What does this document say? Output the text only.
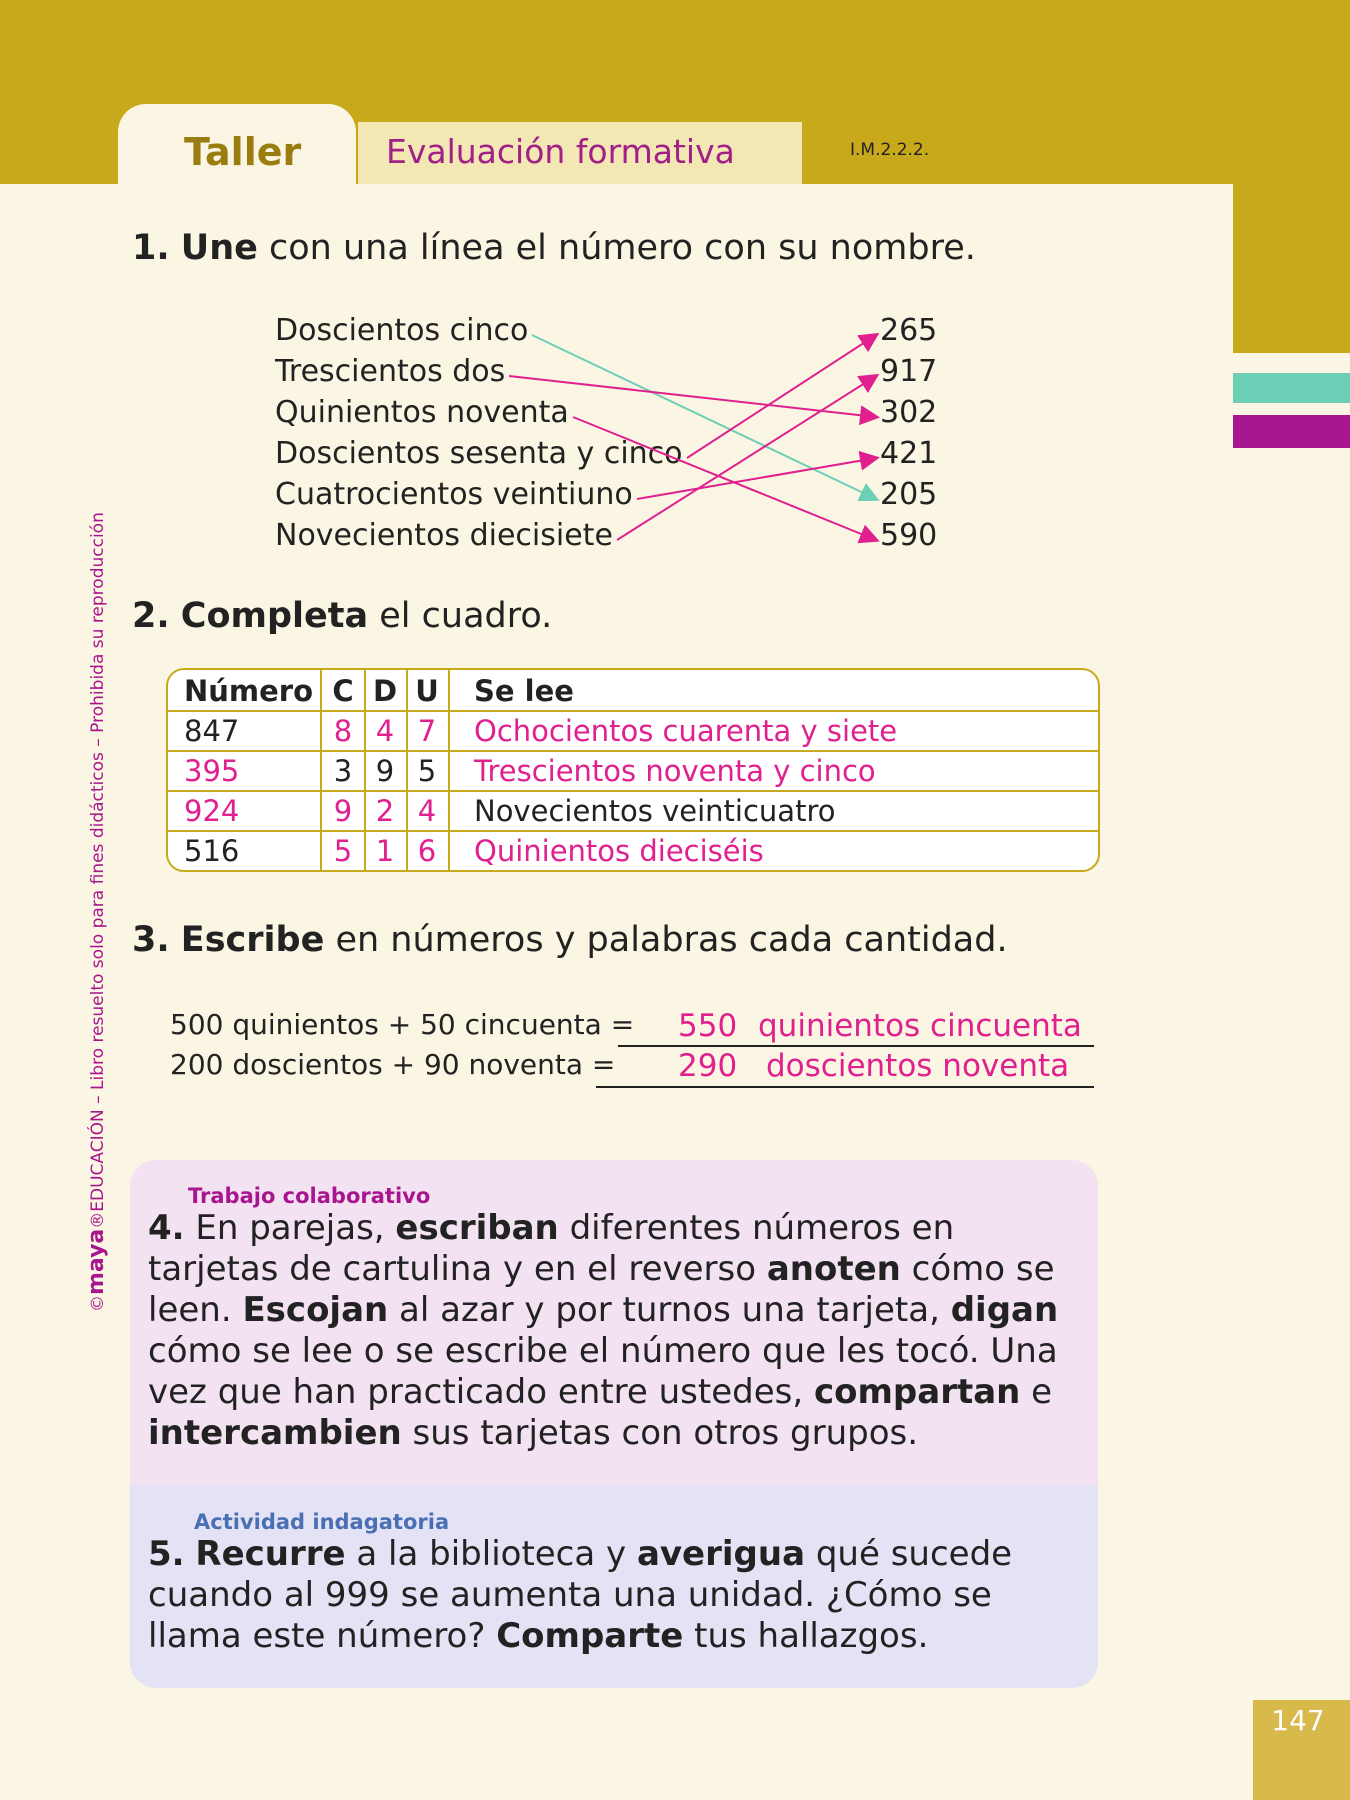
147
Taller	Evaluación formativa	I.M.2.2.2.
©maya®EDUCACIÓN – Libro resuelto solo para fines didácticos – Prohibida su reproducción
1. Une con una línea el número con su nombre.
Doscientos cinco
Trescientos dos
Quinientos noventa
Doscientos sesenta y cinco
Cuatrocientos veintiuno
Novecientos diecisiete
265
917
302
421
205
590
2. Completa el cuadro.
Número C D U Se lee
847	8 4 7 Ochocientos cuarenta y siete
395	3 9 5 Trescientos noventa y cinco
924	9 2 4 Novecientos veinticuatro
516	5 1 6 Quinientos dieciséis
3. Escribe en números y palabras cada cantidad.
500 quinientos + 50 cincuenta = 550 quinientos cincuenta
200 doscientos + 90 noventa = 290 doscientos noventa
Trabajo colaborativo
4. En parejas, escriban diferentes números en tarjetas de cartulina y en el reverso anoten cómo se leen. Escojan al azar y por turnos una tarjeta, digan cómo se lee o se escribe el número que les tocó. Una vez que han practicado entre ustedes, compartan e intercambien sus tarjetas con otros grupos.
Actividad indagatoria
5. Recurre a la biblioteca y averigua qué sucede cuando al 999 se aumenta una unidad. ¿Cómo se llama este número? Comparte tus hallazgos.
